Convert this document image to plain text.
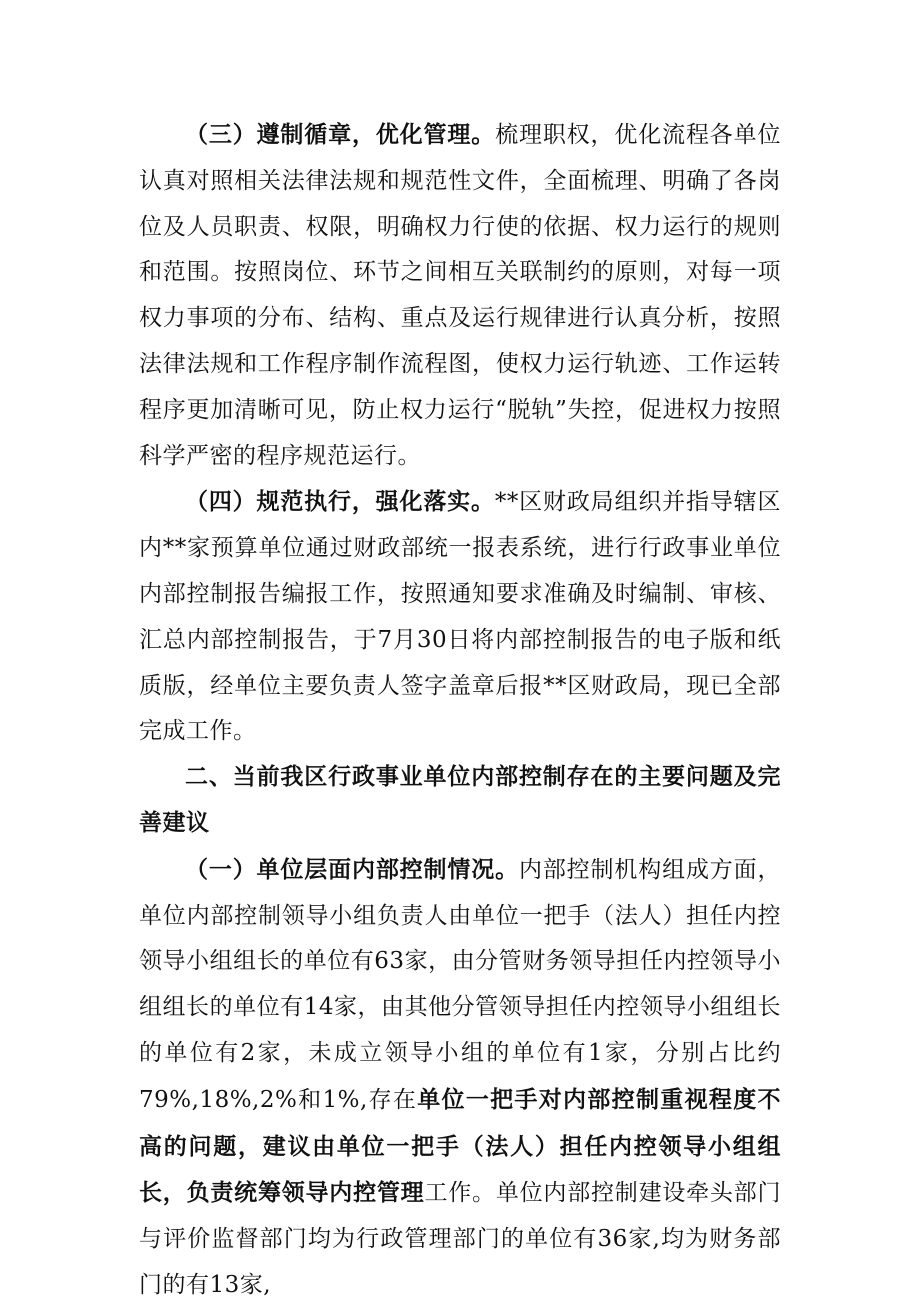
（三）遵制循章，优化管理。梳理职权，优化流程各单位认真对照相关法律法规和规范性文件，全面梳理、明确了各岗位及人员职责、权限，明确权力行使的依据、权力运行的规则和范围。按照岗位、环节之间相互关联制约的原则，对每一项权力事项的分布、结构、重点及运行规律进行认真分析，按照法律法规和工作程序制作流程图，使权力运行轨迹、工作运转程序更加清晰可见，防止权力运行“脱轨”失控，促进权力按照科学严密的程序规范运行。

（四）规范执行，强化落实。**区财政局组织并指导辖区内**家预算单位通过财政部统一报表系统，进行行政事业单位内部控制报告编报工作，按照通知要求准确及时编制、审核、汇总内部控制报告，于7月30日将内部控制报告的电子版和纸质版，经单位主要负责人签字盖章后报**区财政局，现已全部完成工作。

二、当前我区行政事业单位内部控制存在的主要问题及完善建议

（一）单位层面内部控制情况。内部控制机构组成方面，单位内部控制领导小组负责人由单位一把手（法人）担任内控领导小组组长的单位有63家，由分管财务领导担任内控领导小组组长的单位有14家，由其他分管领导担任内控领导小组组长的单位有2家，未成立领导小组的单位有1家，分别占比约79%,18%,2%和1%,存在单位一把手对内部控制重视程度不高的问题，建议由单位一把手（法人）担任内控领导小组组长，负责统筹领导内控管理工作。单位内部控制建设牵头部门与评价监督部门均为行政管理部门的单位有36家,均为财务部门的有13家,
